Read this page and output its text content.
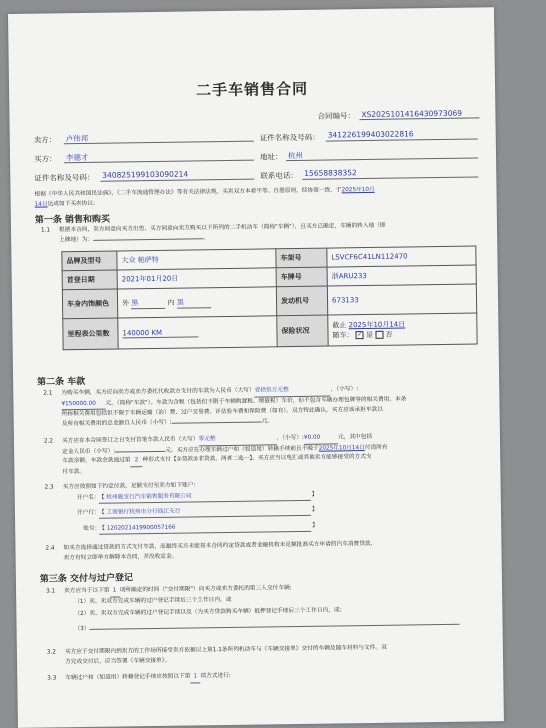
二手车销售合同
合同编号： XS2025101416430973069
卖方： 卢伟邦	证件名称及号码： 341226199403022816
买方： 李德才	地址： 杭州
证件名称及号码： 340825199103090214	联系电话： 15658838352
根据《中华人民共和国民法典》、《二手车流通管理办法》等有关法律法规，买卖双方本着平等、自愿原则，经协商一致，于2025年10月
14日达成如下买卖协议:
第一条 销售和购买
1.1 根据本合同，卖方同意向买方出售、买方同意向卖方购买以下所列的二手机动车（简称"车辆"），且买方已确定，车辆的转入地（即
上牌地）为：	。
品牌及型号	大众 帕萨特	车架号	LSVCF6C41LN112470
首登日期	2021年01月20日	车牌号	浙ARU233
车身内饰颜色	外 黑 内 黑	发动机号	673133
里程表公里数	140000 KM	保险状况	截止 2025年10月14日
随车： ✓ 是 否
第二条 车款
2.1 为购买车辆，买方应向卖方或卖方委托代收款方支付的车款为人民币（大写）壹拾伍万元整	，（小写）:
¥150000.00 元，（简称"车款"）。车款为含税（包括但不限于车辆购置税、增值税）车价，但不包含车辆办理包牌等的相关费用。本条
所称相关费用包括但不限于车辆运输（治）费、过户交易费、评估验车费和保险费（如有）。双方特此确认，买方应该承担车款以
及所有相关费用的总金额自人民币（小写）:	元。
2.2 买方应在本合同签订之日支付首笔车款人民币（大写）零元整	，（小写）:¥0.00	元，其中包括
定金人民币（小写）:	元。买方应在办理车辆过户和（如适用）转籍手续前且不晚于2025年10月14日付清所有
车款余额。车款余款通过第 2 种形式支付【①贷款②非贷款，两者二选一】。买方应当以电汇或其他卖方能够接受的方式支
付车款。
2.3 买方应按照如下约定付款，足额支付至卖方如下账户：
开户名： 【 杭州骏宝行汽车销售服务有限公司	】
开户行： 【 工商银行杭州市分行钱江支行	】
账号：
【 1202021419900057166	】
2.4 如买方选择通过贷款的方式支付车款，而最终买方未能按本合同约定贷款或者金融机构未足额批准买方申请的汽车消费贷款，
卖方有权立即单方解除本合同，并没收定金。
第三条 交付与过户登记
3.1 卖方应当于以下第 1 项所确定的时间（"交付期限"）向买方或卖方委托的第三人交付车辆:
（1）卖、卖双方完成车辆的过户登记手续后三个工作日内，或
（2）卖、卖双方完成车辆的过户登记手续以及（为买方贷款购买车辆）抵押登记手续后三个工作日内，或；
（3）
3.2 买方应于交付期限内到卖方的工作场所接受卖方依据以上第1.1条所列机动车与《车辆交接单》交付的车辆及随车材料与文件。双
方完成交付后，应当签署《车辆交接单》。
3.3 车辆过户和（如适用）转籍登记手续应按照以下第 1 项方式进行:
